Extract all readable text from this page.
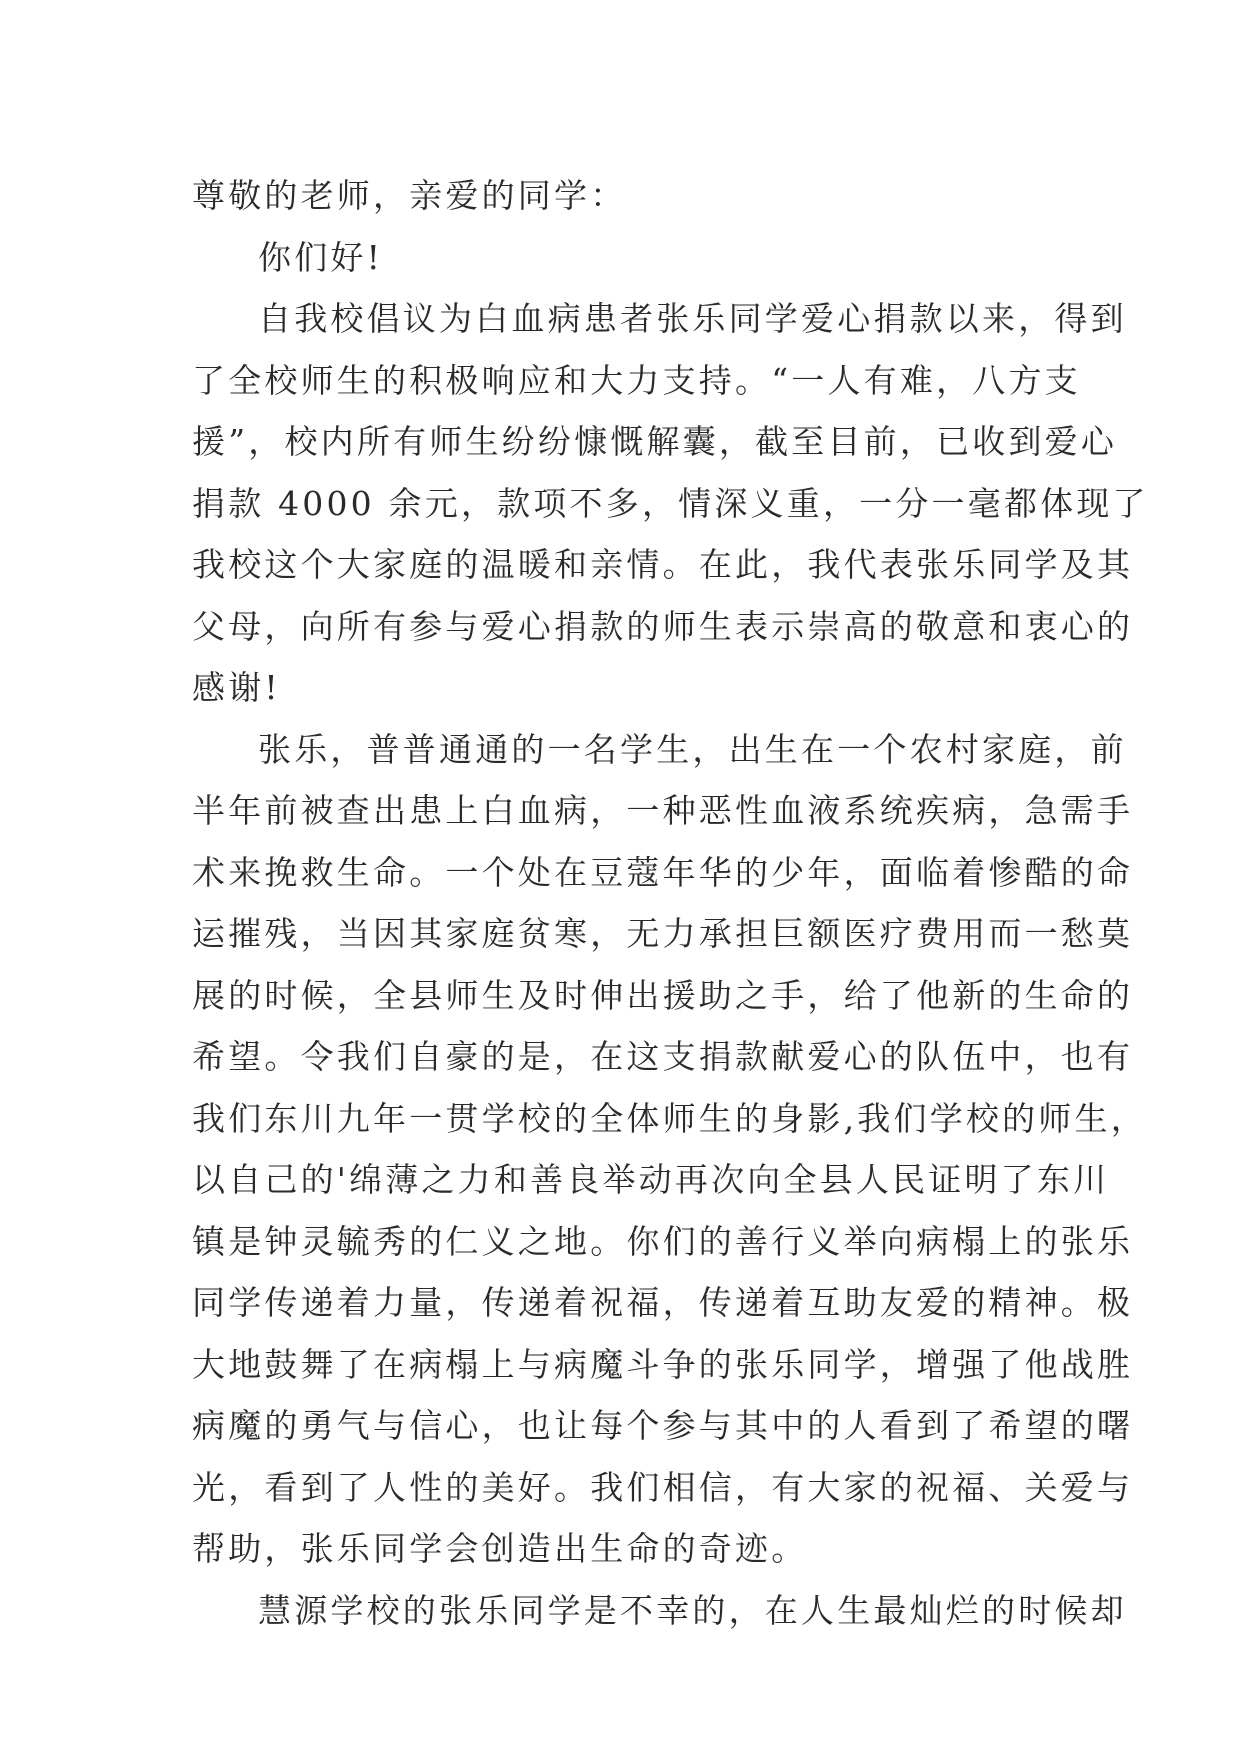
尊敬的老师，亲爱的同学：
你们好!
自我校倡议为白血病患者张乐同学爱心捐款以来，得到
了全校师生的积极响应和大力支持。“一人有难，八方支
援”，校内所有师生纷纷慷慨解囊，截至目前，已收到爱心
捐款 4000 余元，款项不多，情深义重，一分一毫都体现了
我校这个大家庭的温暖和亲情。在此，我代表张乐同学及其
父母，向所有参与爱心捐款的师生表示崇高的敬意和衷心的
感谢!
张乐，普普通通的一名学生，出生在一个农村家庭，前
半年前被查出患上白血病，一种恶性血液系统疾病，急需手
术来挽救生命。一个处在豆蔻年华的少年，面临着惨酷的命
运摧残，当因其家庭贫寒，无力承担巨额医疗费用而一愁莫
展的时候，全县师生及时伸出援助之手，给了他新的生命的
希望。令我们自豪的是，在这支捐款献爱心的队伍中，也有
我们东川九年一贯学校的全体师生的身影,我们学校的师生，
以自己的'绵薄之力和善良举动再次向全县人民证明了东川
镇是钟灵毓秀的仁义之地。你们的善行义举向病榻上的张乐
同学传递着力量，传递着祝福，传递着互助友爱的精神。极
大地鼓舞了在病榻上与病魔斗争的张乐同学，增强了他战胜
病魔的勇气与信心，也让每个参与其中的人看到了希望的曙
光，看到了人性的美好。我们相信，有大家的祝福、关爱与
帮助，张乐同学会创造出生命的奇迹。
慧源学校的张乐同学是不幸的，在人生最灿烂的时候却
